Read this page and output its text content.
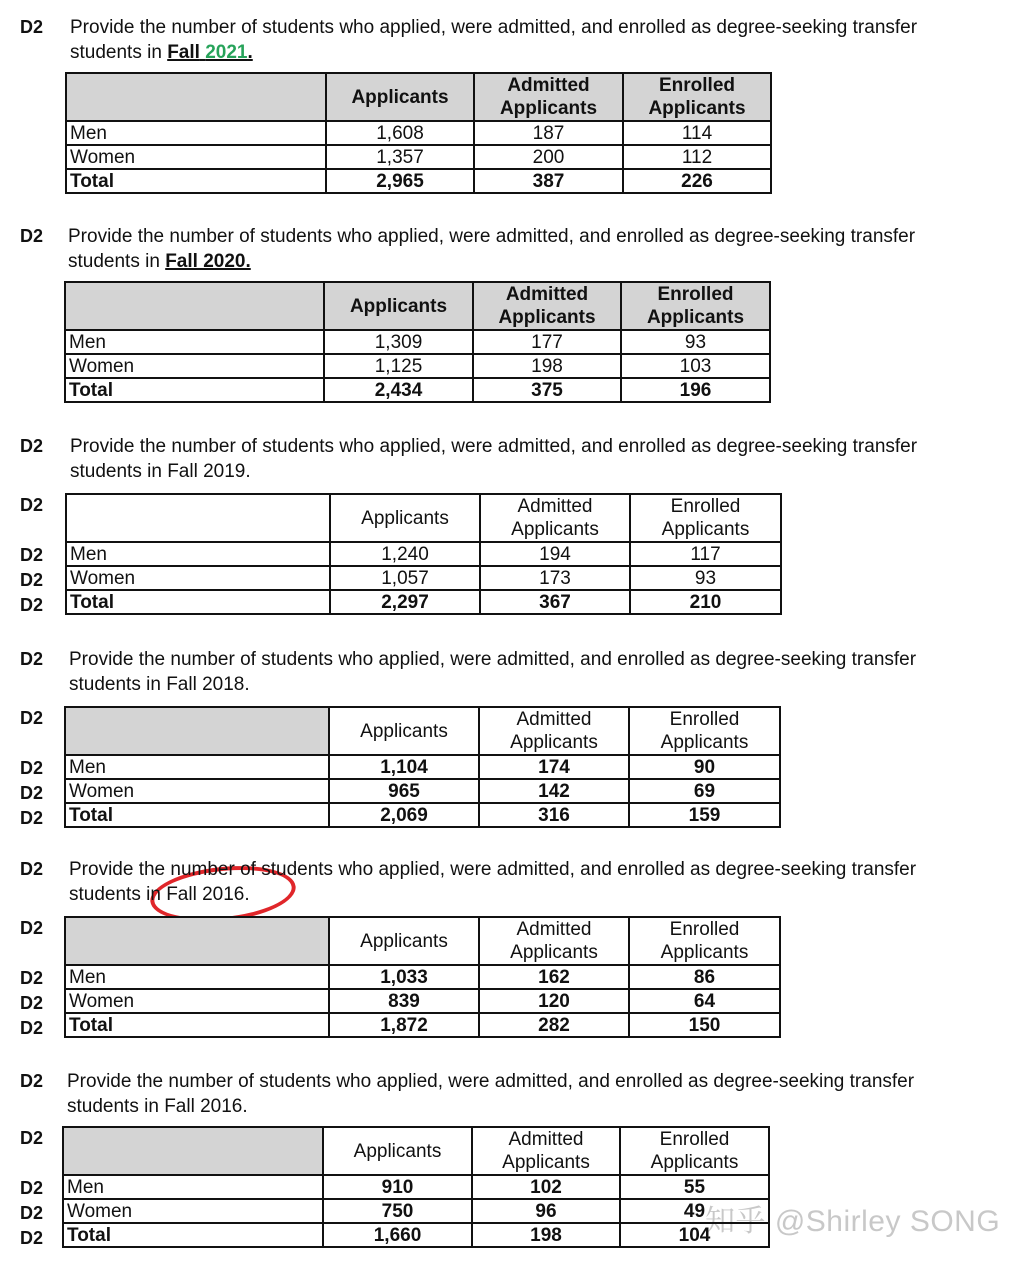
知乎 @Shirley SONG
D2 Provide the number of students who applied, were admitted, and enrolled as degree-seeking transfer
students in Fall 2021.
	Applicants	Admitted Applicants	Enrolled Applicants
Men	1,608	187	114
Women	1,357	200	112
Total	2,965	387	226
D2 Provide the number of students who applied, were admitted, and enrolled as degree-seeking transfer
students in Fall 2020.
	Applicants	Admitted Applicants	Enrolled Applicants
Men	1,309	177	93
Women	1,125	198	103
Total	2,434	375	196
D2 Provide the number of students who applied, were admitted, and enrolled as degree-seeking transfer
students in Fall 2019.
	Applicants	Admitted Applicants	Enrolled Applicants
Men	1,240	194	117
Women	1,057	173	93
Total	2,297	367	210
D2
D2
D2
D2
D2 Provide the number of students who applied, were admitted, and enrolled as degree-seeking transfer
students in Fall 2018.
	Applicants	Admitted Applicants	Enrolled Applicants
Men	1,104	174	90
Women	965	142	69
Total	2,069	316	159
D2
D2
D2
D2
D2 Provide the number of students who applied, were admitted, and enrolled as degree-seeking transfer
students in Fall 2016.
	Applicants	Admitted Applicants	Enrolled Applicants
Men	1,033	162	86
Women	839	120	64
Total	1,872	282	150
D2
D2
D2
D2
D2 Provide the number of students who applied, were admitted, and enrolled as degree-seeking transfer
students in Fall 2016.
	Applicants	Admitted Applicants	Enrolled Applicants
Men	910	102	55
Women	750	96	49
Total	1,660	198	104
D2
D2
D2
D2
